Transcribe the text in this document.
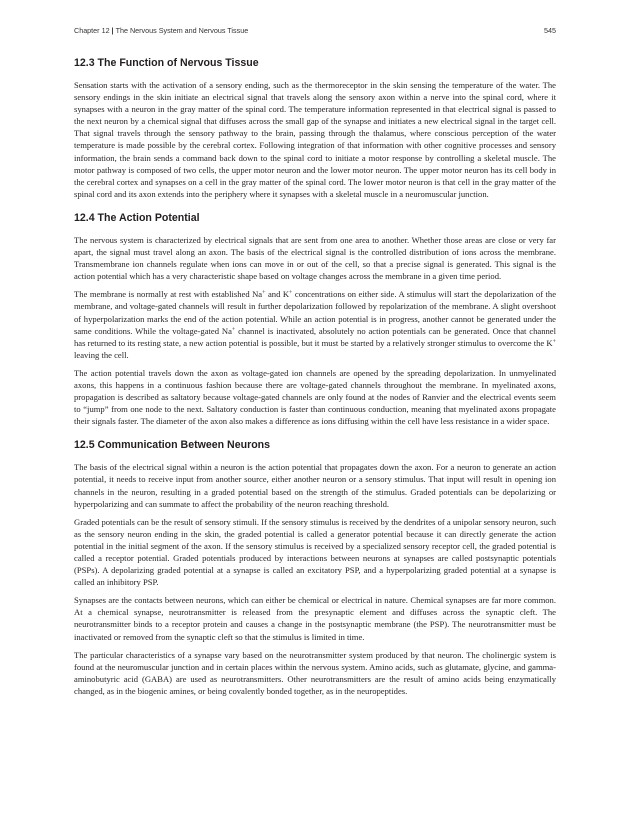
Chapter 12 | The Nervous System and Nervous Tissue	545
12.3 The Function of Nervous Tissue

Sensation starts with the activation of a sensory ending, such as the thermoreceptor in the skin sensing the temperature of the water. The sensory endings in the skin initiate an electrical signal that travels along the sensory axon within a nerve into the spinal cord, where it synapses with a neuron in the gray matter of the spinal cord. The temperature information represented in that electrical signal is passed to the next neuron by a chemical signal that diffuses across the small gap of the synapse and initiates a new electrical signal in the target cell. That signal travels through the sensory pathway to the brain, passing through the thalamus, where conscious perception of the water temperature is made possible by the cerebral cortex. Following integration of that information with other cognitive processes and sensory information, the brain sends a command back down to the spinal cord to initiate a motor response by controlling a skeletal muscle. The motor pathway is composed of two cells, the upper motor neuron and the lower motor neuron. The upper motor neuron has its cell body in the cerebral cortex and synapses on a cell in the gray matter of the spinal cord. The lower motor neuron is that cell in the gray matter of the spinal cord and its axon extends into the periphery where it synapses with a skeletal muscle in a neuromuscular junction.

12.4 The Action Potential

The nervous system is characterized by electrical signals that are sent from one area to another. Whether those areas are close or very far apart, the signal must travel along an axon. The basis of the electrical signal is the controlled distribution of ions across the membrane. Transmembrane ion channels regulate when ions can move in or out of the cell, so that a precise signal is generated. This signal is the action potential which has a very characteristic shape based on voltage changes across the membrane in a given time period.

The membrane is normally at rest with established Na+ and K+ concentrations on either side. A stimulus will start the depolarization of the membrane, and voltage-gated channels will result in further depolarization followed by repolarization of the membrane. A slight overshoot of hyperpolarization marks the end of the action potential. While an action potential is in progress, another cannot be generated under the same conditions. While the voltage-gated Na+ channel is inactivated, absolutely no action potentials can be generated. Once that channel has returned to its resting state, a new action potential is possible, but it must be started by a relatively stronger stimulus to overcome the K+ leaving the cell.

The action potential travels down the axon as voltage-gated ion channels are opened by the spreading depolarization. In unmyelinated axons, this happens in a continuous fashion because there are voltage-gated channels throughout the membrane. In myelinated axons, propagation is described as saltatory because voltage-gated channels are only found at the nodes of Ranvier and the electrical events seem to “jump” from one node to the next. Saltatory conduction is faster than continuous conduction, meaning that myelinated axons propagate their signals faster. The diameter of the axon also makes a difference as ions diffusing within the cell have less resistance in a wider space.

12.5 Communication Between Neurons

The basis of the electrical signal within a neuron is the action potential that propagates down the axon. For a neuron to generate an action potential, it needs to receive input from another source, either another neuron or a sensory stimulus. That input will result in opening ion channels in the neuron, resulting in a graded potential based on the strength of the stimulus. Graded potentials can be depolarizing or hyperpolarizing and can summate to affect the probability of the neuron reaching threshold.

Graded potentials can be the result of sensory stimuli. If the sensory stimulus is received by the dendrites of a unipolar sensory neuron, such as the sensory neuron ending in the skin, the graded potential is called a generator potential because it can directly generate the action potential in the initial segment of the axon. If the sensory stimulus is received by a specialized sensory receptor cell, the graded potential is called a receptor potential. Graded potentials produced by interactions between neurons at synapses are called postsynaptic potentials (PSPs). A depolarizing graded potential at a synapse is called an excitatory PSP, and a hyperpolarizing graded potential at a synapse is called an inhibitory PSP.

Synapses are the contacts between neurons, which can either be chemical or electrical in nature. Chemical synapses are far more common. At a chemical synapse, neurotransmitter is released from the presynaptic element and diffuses across the synaptic cleft. The neurotransmitter binds to a receptor protein and causes a change in the postsynaptic membrane (the PSP). The neurotransmitter must be inactivated or removed from the synaptic cleft so that the stimulus is limited in time.

The particular characteristics of a synapse vary based on the neurotransmitter system produced by that neuron. The cholinergic system is found at the neuromuscular junction and in certain places within the nervous system. Amino acids, such as glutamate, glycine, and gamma-aminobutyric acid (GABA) are used as neurotransmitters. Other neurotransmitters are the result of amino acids being enzymatically changed, as in the biogenic amines, or being covalently bonded together, as in the neuropeptides.
